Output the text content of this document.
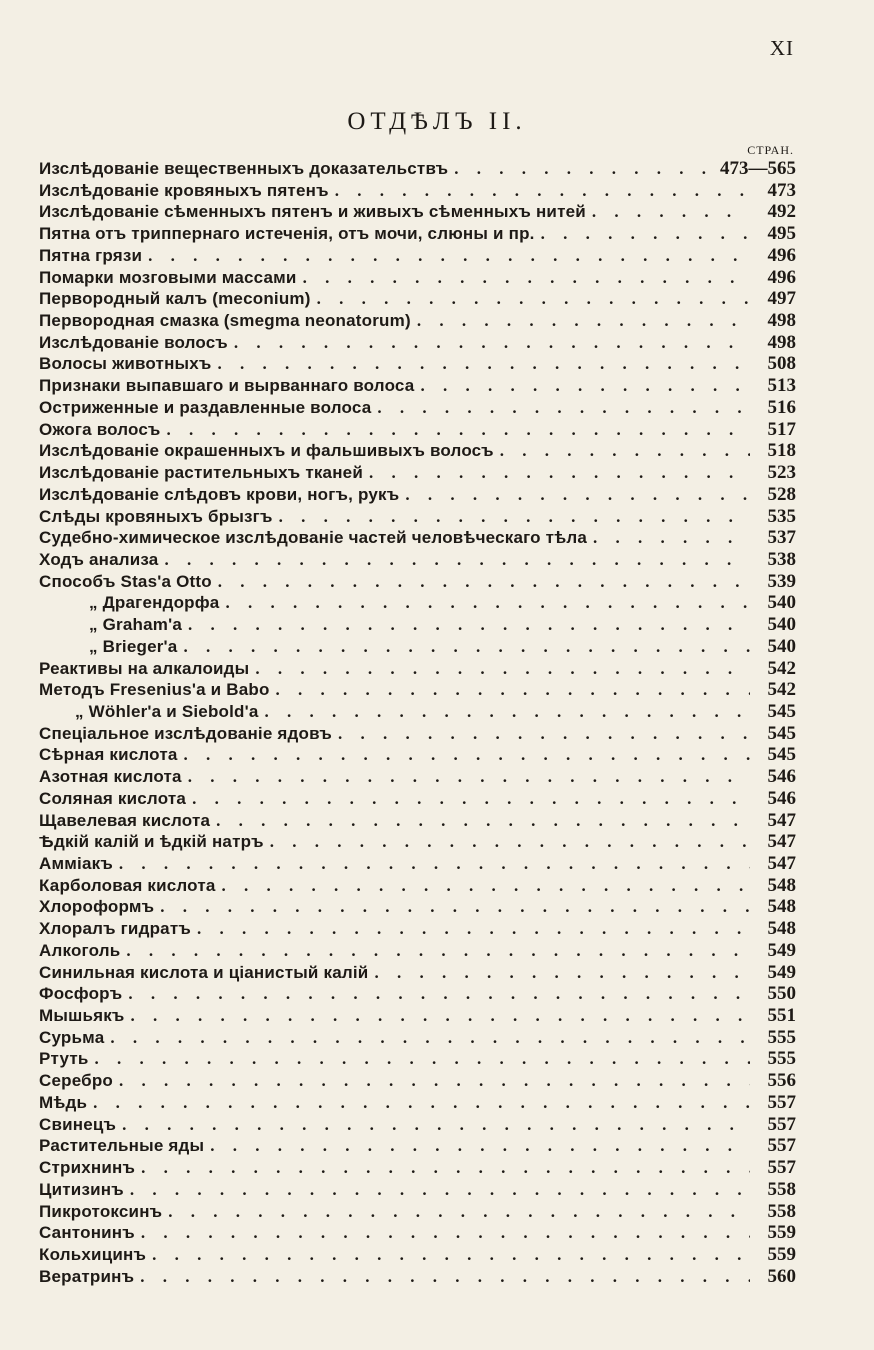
XI
ОТДѢЛЪ II.
СТРАН.
Изслѣдованіе вещественныхъ доказательствъ . . .	473—565
Изслѣдованіе кровяныхъ пятенъ . . .	473
Изслѣдованіе сѣменныхъ пятенъ и живыхъ сѣменныхъ нитей . . .	492
Пятна отъ триппернаго истеченія, отъ мочи, слюны и пр. . . .	495
Пятна грязи . . .	496
Помарки мозговыми массами . . .	496
Первородный калъ (meconium) . . .	497
Первородная смазка (smegma neonatorum) . . .	498
Изслѣдованіе волосъ . . .	498
Волосы животныхъ . . .	508
Признаки выпавшаго и вырваннаго волоса . . .	513
Остриженные и раздавленные волоса . . .	516
Ожога волосъ . . .	517
Изслѣдованіе окрашенныхъ и фальшивыхъ волосъ . . .	518
Изслѣдованіе растительныхъ тканей . . .	523
Изслѣдованіе слѣдовъ крови, ногъ, рукъ . . .	528
Слѣды кровяныхъ брызгъ . . .	535
Судебно-химическое изслѣдованіе частей человѣческаго тѣла . . .	537
Ходъ анализа . . .	538
Способъ Stas'a Otto . . .	539
„ Драгендорфа . . .	540
„ Graham'a . . .	540
„ Brieger'a . . .	540
Реактивы на алкалоиды . . .	542
Методъ Fresenius'a и Babo . . .	542
„ Wöhler'a и Siebold'a . . .	545
Спеціальное изслѣдованіе ядовъ . . .	545
Сѣрная кислота . . .	545
Азотная кислота . . .	546
Соляная кислота . . .	546
Щавелевая кислота . . .	547
Ѣдкій калій и ѣдкій натръ . . .	547
Аммiакъ . . .	547
Карболовая кислота . . .	548
Хлороформъ . . .	548
Хлоралъ гидратъ . . .	548
Алкоголь . . .	549
Синильная кислота и ціанистый калій . . .	549
Фосфоръ . . .	550
Мышьякъ . . .	551
Сурьма . . .	555
Ртуть . . .	555
Серебро . . .	556
Мѣдь . . .	557
Свинецъ . . .	557
Растительные яды . . .	557
Стрихнинъ . . .	557
Цитизинъ . . .	558
Пикротоксинъ . . .	558
Сантонинъ . . .	559
Кольхицинъ . . .	559
Вератринъ . . .	560
